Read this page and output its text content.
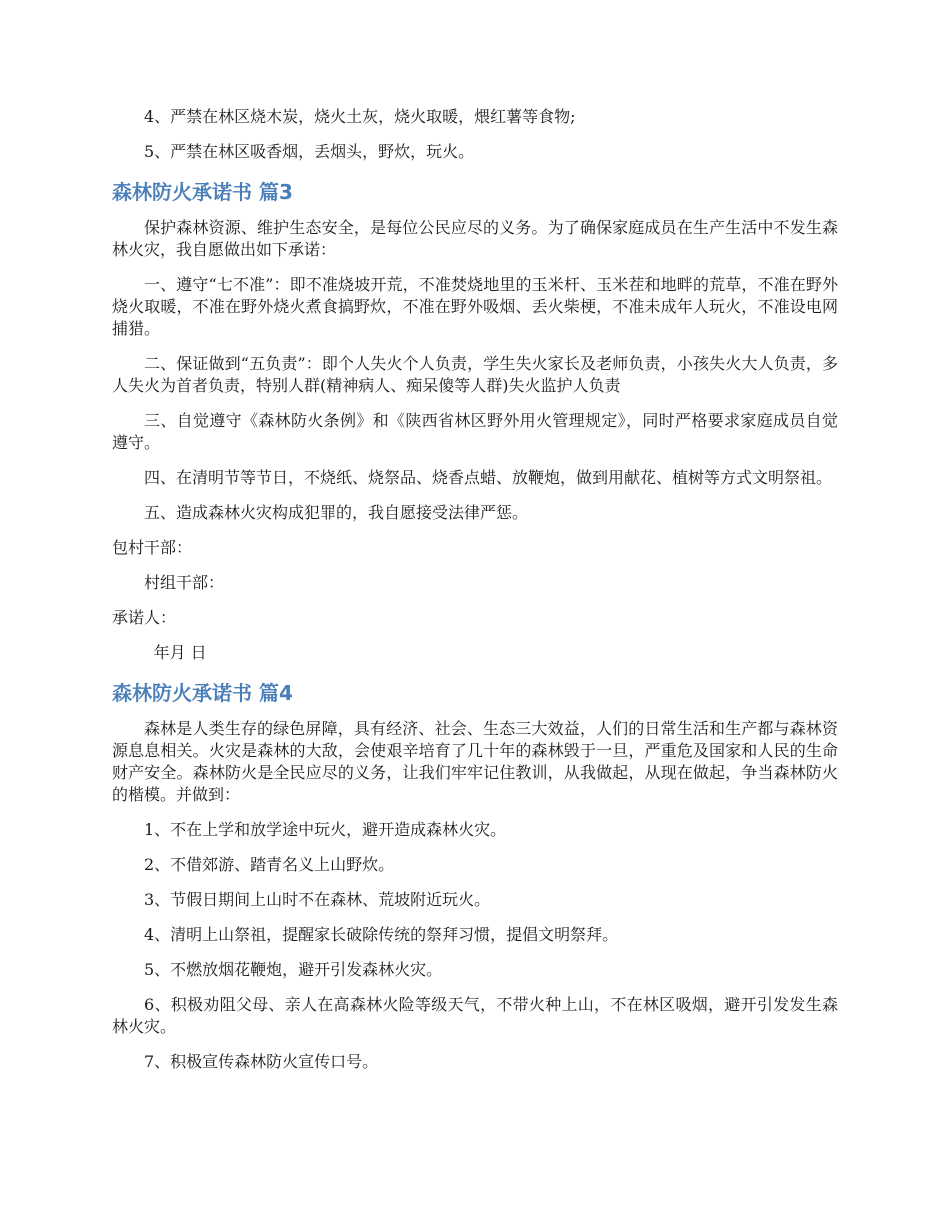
4、严禁在林区烧木炭，烧火土灰，烧火取暖，煨红薯等食物;

5、严禁在林区吸香烟，丢烟头，野炊，玩火。

森林防火承诺书 篇3

保护森林资源、维护生态安全，是每位公民应尽的义务。为了确保家庭成员在生产生活中不发生森林火灾，我自愿做出如下承诺：

一、遵守“七不准”：即不准烧坡开荒，不准焚烧地里的玉米杆、玉米茬和地畔的荒草，不准在野外烧火取暖，不准在野外烧火煮食搞野炊，不准在野外吸烟、丢火柴梗，不准未成年人玩火，不准设电网捕猎。

二、保证做到“五负责”：即个人失火个人负责，学生失火家长及老师负责，小孩失火大人负责，多人失火为首者负责，特别人群(精神病人、痴呆傻等人群)失火监护人负责

三、自觉遵守《森林防火条例》和《陕西省林区野外用火管理规定》，同时严格要求家庭成员自觉遵守。

四、在清明节等节日，不烧纸、烧祭品、烧香点蜡、放鞭炮，做到用献花、植树等方式文明祭祖。

五、造成森林火灾构成犯罪的，我自愿接受法律严惩。

包村干部：

村组干部：

承诺人：

年月 日

森林防火承诺书 篇4

森林是人类生存的绿色屏障，具有经济、社会、生态三大效益，人们的日常生活和生产都与森林资源息息相关。火灾是森林的大敌，会使艰辛培育了几十年的森林毁于一旦，严重危及国家和人民的生命财产安全。森林防火是全民应尽的义务，让我们牢牢记住教训，从我做起，从现在做起，争当森林防火的楷模。并做到：

1、不在上学和放学途中玩火，避开造成森林火灾。

2、不借郊游、踏青名义上山野炊。

3、节假日期间上山时不在森林、荒坡附近玩火。

4、清明上山祭祖，提醒家长破除传统的祭拜习惯，提倡文明祭拜。

5、不燃放烟花鞭炮，避开引发森林火灾。

6、积极劝阻父母、亲人在高森林火险等级天气，不带火种上山，不在林区吸烟，避开引发发生森林火灾。

7、积极宣传森林防火宣传口号。
